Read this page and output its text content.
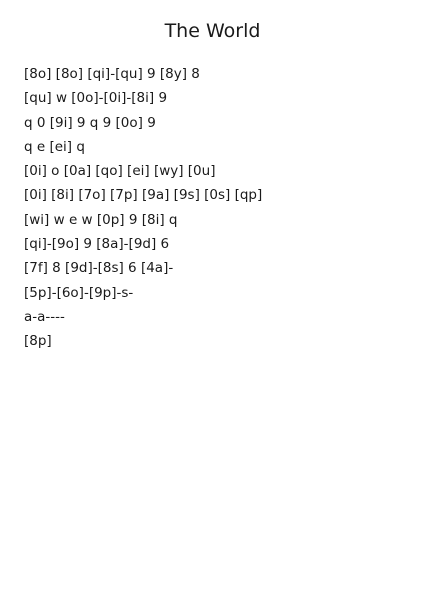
The World
[8o] [8o] [qi]-[qu] 9 [8y] 8
[qu] w [0o]-[0i]-[8i] 9
q 0 [9i] 9 q 9 [0o] 9
q e [ei] q
[0i] o [0a] [qo] [ei] [wy] [0u]
[0i] [8i] [7o] [7p] [9a] [9s] [0s] [qp]
[wi] w e w [0p] 9 [8i] q
[qi]-[9o] 9 [8a]-[9d] 6
[7f] 8 [9d]-[8s] 6 [4a]-
[5p]-[6o]-[9p]-s-
a-a----
[8p]
